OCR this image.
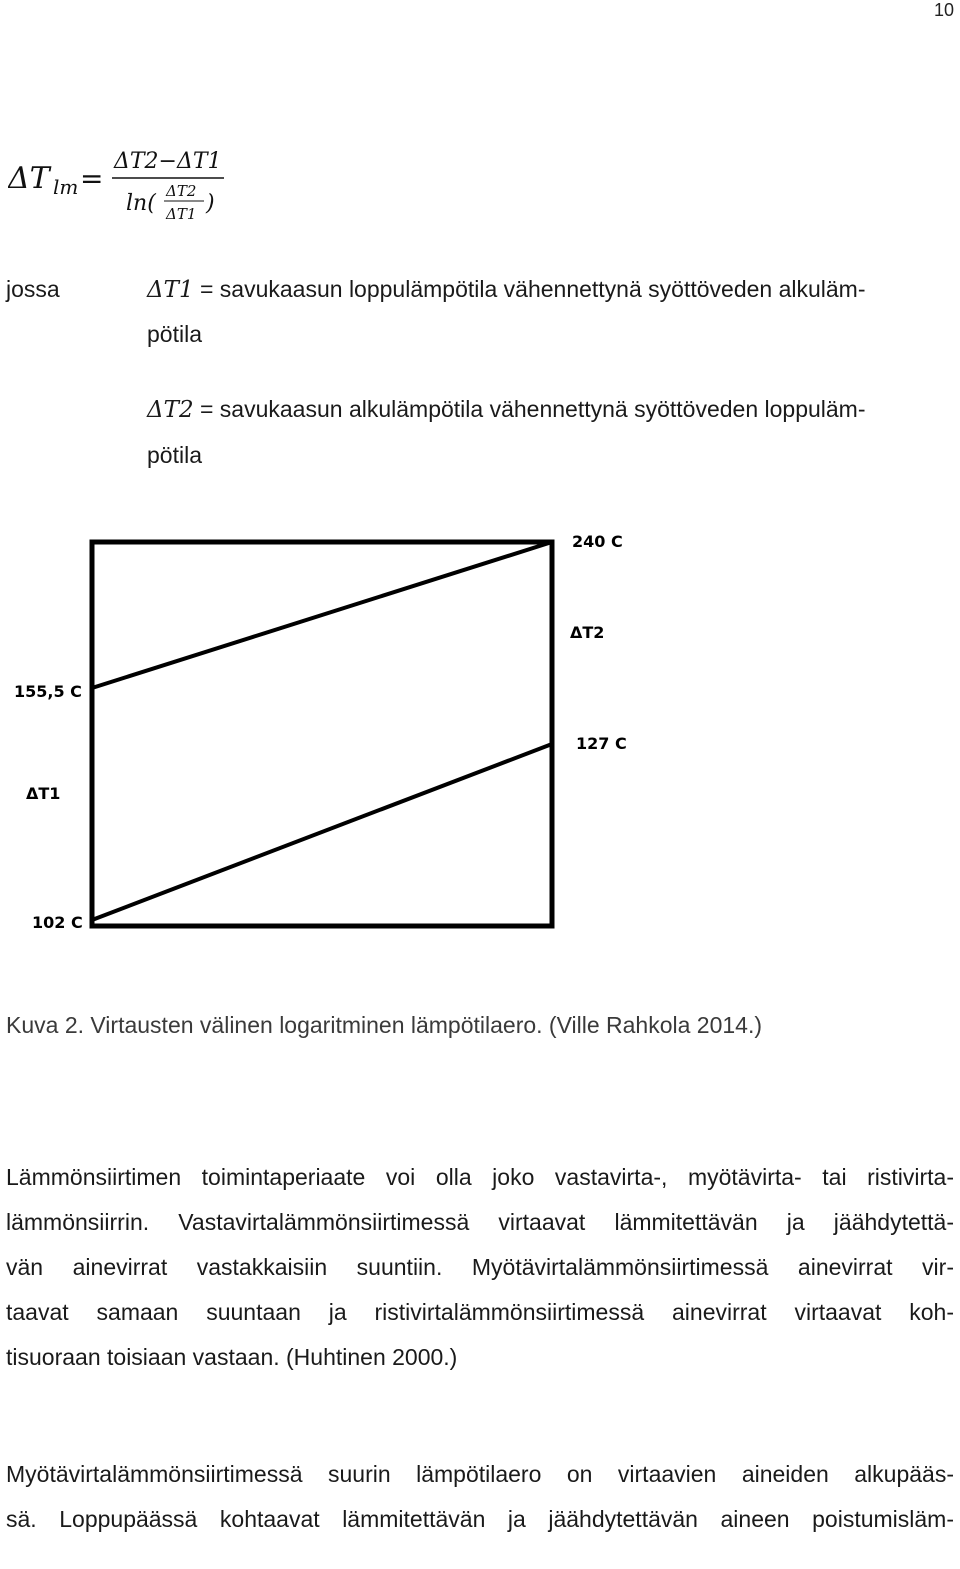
10
ΔT lm =
ΔT2−ΔT1
ln( ΔT2
ΔT1 )
jossa	ΔT1 = savukaasun loppulämpötila vähennettynä syöttöveden alkuläm-
pötila
ΔT2 = savukaasun alkulämpötila vähennettynä syöttöveden loppuläm-
pötila
240 C
ΔT2
127 C
155,5 C
ΔT1
102 C
Kuva 2. Virtausten välinen logaritminen lämpötilaero. (Ville Rahkola 2014.)
Myötävirtalämmönsiirtimessä suurin lämpötilaero on virtaavien aineiden alkupääs-
sä. Loppupäässä kohtaavat lämmitettävän ja jäähdytettävän aineen poistumisläm-
Lämmönsiirtimen toimintaperiaate voi olla joko vastavirta-, myötävirta- tai ristivirta-
lämmönsiirrin. Vastavirtalämmönsiirtimessä virtaavat lämmitettävän ja jäähdytettä-
vän ainevirrat vastakkaisiin suuntiin. Myötävirtalämmönsiirtimessä ainevirrat vir-
taavat samaan suuntaan ja ristivirtalämmönsiirtimessä ainevirrat virtaavat koh-
tisuoraan toisiaan vastaan. (Huhtinen 2000.)
